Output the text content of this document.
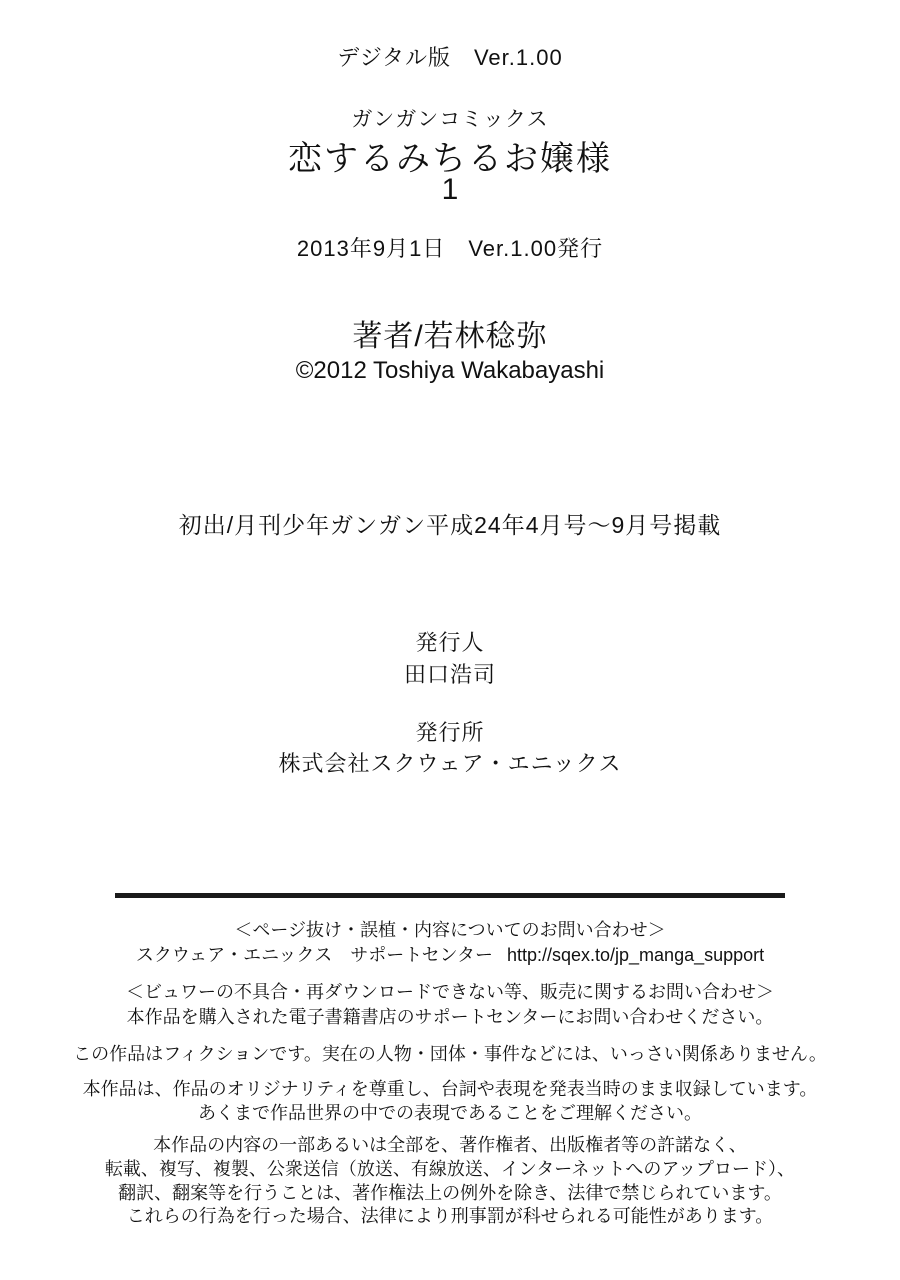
デジタル版　Ver.1.00
ガンガンコミックス
恋するみちるお嬢様
1
2013年9月1日　Ver.1.00発行
著者/若林稔弥
©2012 Toshiya Wakabayashi
初出/月刊少年ガンガン平成24年4月号～9月号掲載
発行人
田口浩司
発行所
株式会社スクウェア・エニックス
＜ページ抜け・誤植・内容についてのお問い合わせ＞
スクウェア・エニックス　サポートセンター http://sqex.to/jp_manga_support
＜ビュワーの不具合・再ダウンロードできない等、販売に関するお問い合わせ＞
本作品を購入された電子書籍書店のサポートセンターにお問い合わせください。
この作品はフィクションです。実在の人物・団体・事件などには、いっさい関係ありません。
本作品は、作品のオリジナリティを尊重し、台詞や表現を発表当時のまま収録しています。
あくまで作品世界の中での表現であることをご理解ください。
本作品の内容の一部あるいは全部を、著作権者、出版権者等の許諾なく、
転載、複写、複製、公衆送信（放送、有線放送、インターネットへのアップロード）、
翻訳、翻案等を行うことは、著作権法上の例外を除き、法律で禁じられています。
これらの行為を行った場合、法律により刑事罰が科せられる可能性があります。
